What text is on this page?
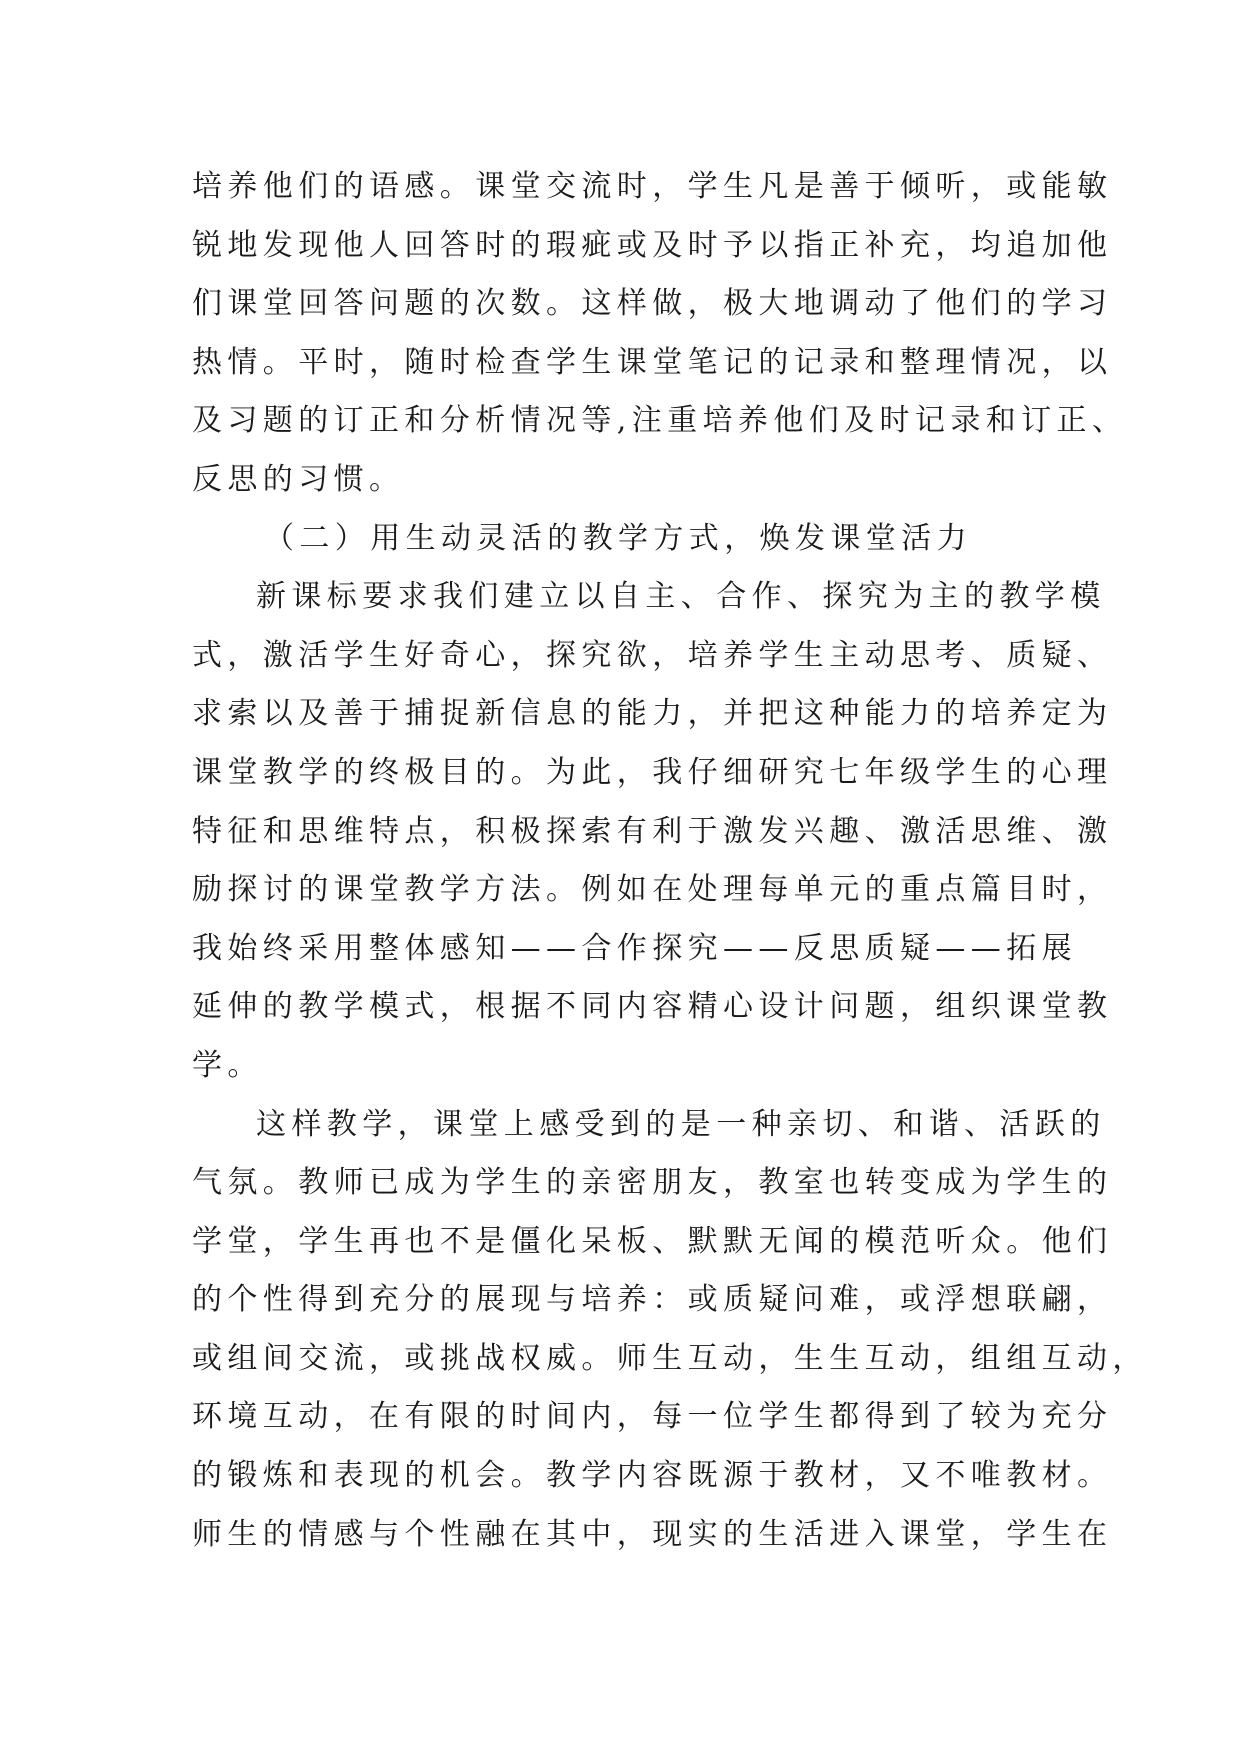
培养他们的语感。课堂交流时，学生凡是善于倾听，或能敏
锐地发现他人回答时的瑕疵或及时予以指正补充，均追加他
们课堂回答问题的次数。这样做，极大地调动了他们的学习
热情。平时，随时检查学生课堂笔记的记录和整理情况，以
及习题的订正和分析情况等,注重培养他们及时记录和订正、
反思的习惯。
（二）用生动灵活的教学方式，焕发课堂活力
新课标要求我们建立以自主、合作、探究为主的教学模
式，激活学生好奇心，探究欲，培养学生主动思考、质疑、
求索以及善于捕捉新信息的能力，并把这种能力的培养定为
课堂教学的终极目的。为此，我仔细研究七年级学生的心理
特征和思维特点，积极探索有利于激发兴趣、激活思维、激
励探讨的课堂教学方法。例如在处理每单元的重点篇目时，
我始终采用整体感知——合作探究——反思质疑——拓展
延伸的教学模式，根据不同内容精心设计问题，组织课堂教
学。
这样教学，课堂上感受到的是一种亲切、和谐、活跃的
气氛。教师已成为学生的亲密朋友，教室也转变成为学生的
学堂，学生再也不是僵化呆板、默默无闻的模范听众。他们
的个性得到充分的展现与培养：或质疑问难，或浮想联翩，
或组间交流，或挑战权威。师生互动，生生互动，组组互动，
环境互动，在有限的时间内，每一位学生都得到了较为充分
的锻炼和表现的机会。教学内容既源于教材，又不唯教材。
师生的情感与个性融在其中，现实的生活进入课堂，学生在
